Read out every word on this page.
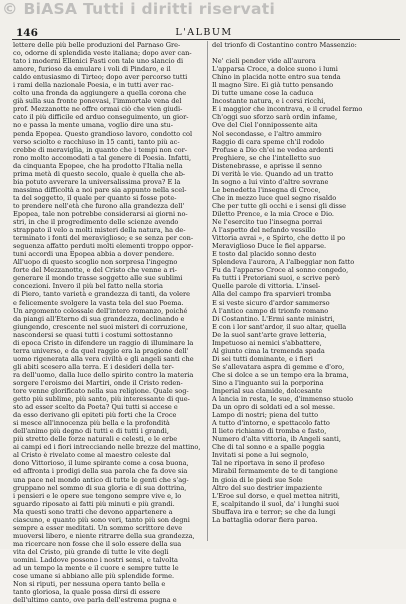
© BiASA Tutti i diritti riservati
146	L'ALBUM
lettere delle più belle produzioni del Parnaso Gre-
co, odorne di splendida veste italiana; dopo aver can-
tato i moderni Ellenici Fasti con tale uno slancio di
amore, furioso da emulare i voli di Pindaro, e il
caldo entusiasmo di Tirteo; dopo aver percorso tutti
i rami della nazionale Poesia, e in tutti aver rac-
colto una fronda da aggiungere a quella corona che
già sulla sua fronte ponevasi, l'immortale vena del
prof. Mezzanotte ne offre ormai ciò che vien giudi-
cato il più difficile ed arduo conseguimento, un gior-
no e passa la mente umana, voglio dire una stu-
penda Epopea. Questo grandioso lavoro, condotto col
verso sciolto e racchiuso in 15 canti, tanto più ac-
crebbe di meraviglia, in quanto che i tempi non cor-
rono molto accomodati a tal genere di Poesia. Infatti,
da cinquanta Epopee, che ha prodotto l'Italia nella
prima metà di questo secolo, quale è quella che ab-
bia potuto avverare la universalissima prova? E la
massima difficoltà a noi pare sia appunto nella scel-
ta del soggetto, il quale per quanto si fosse pote-
to prendere nell'età che furono alla grandezza dell'
Epopea, tale non potrebbe considerarsi ai giorni no-
stri, in che il progredimento delle scienze avendo
strappato il velo a molti misteri della natura, ha de-
terminato i fonti del meraviglioso; e se senza per con-
seguenza affatto perduti molti elementi troppo oppor-
tuni accordi una Epopea abbia a dover pendere.
All'uopo di questo scoglio non sorpresa l'ingegno
forte del Mezzanotte, e del Cristo che venne a ri-
generare il mondo trasse soggetto alle sue sublimi
concezioni. Invero il più bel fatto nella storia
di Piero, tanto varietà e grandezza di tanti, da volere
e felicemente svolgere la vasta tela del suo Poema.
Un argomento colossale dell'intero romanzo, poiché
da piangi all'Eterno di sua grandezza, declinando e
giungendo, crescente nel suoi misteri di corruzione,
nascondersi se quasi tutti i costumi sottostanno
di epoca Cristo in difendere un raggio di illuminare la
terra universo, e da quel raggio era la pragione dell'
uomo rigenerata alla vera civiltà e gli angeli santi che
gli abiti scesero alla terra. E i desideri della ter-
ra dell'uomo, dalla luce dello spirito contro la materia
sorgere l'eroismo dei Martiri, onde il Cristo reden-
tore venne glorificato nella sua religione. Quale sog-
getto più sublime, più santo, più interessante di que-
sto ad esser scelto da Poeta? Qui tutti si accese e
da esso derivano gli epiteti più forti che la Croce
si mesce all'innocenza più bella e la profondità
dell'animo più degno di tutti e di tutti i grandi,
più stretto delle forze naturali e celesti, e le erbe
ai campi ed i fiori intrecciando nelle brezze del mattino,
al Cristo è rivelato come al maestro celeste dal
dono Vittorioso, il lume spirante come a cosa buona,
ed affronta i prodigi della sua parola che fa dove sia
una pace nel mondo antico di tutte le genti che s'ag-
gruppano nel sommo di sua gloria e di sua dottrina,
i pensieri e le opere sue tengono sempre vive e, lo
sguardo riposato ai fatti più minuti e più grandi.
Ma questi sono tratti che devono appartenere a
ciascuno, e quanto più sono veri, tanto più son degni
sempre a esser meditati. Un sommo scrittore deve
muoversi libero, e niente ritrarre della sua grandezza,
ma ricercare non fosse che il solo essere della sua
vita del Cristo, più grande di tutte le vite degli
uomini. Laddove possono i nostri sensi, e talvolta
ad un tempo la mente e il cuore e sempre tutte le
cose umane si abbiano alle più splendide forme.
Non si riputi, per nessuna opera tanto bella e
tanto gloriosa, la quale possa dirsi di essere
dell'ultimo canto, ove parla dell'estrema pugna e
del trionfo di Costantino contro Massenzio:
Ne' cieli pender vide all'aurora
L'apparsa Croce, a dolce suono i lumi
Chino in placida notte entro sua tenda
Il magno Sire. Ei già tutto pensando
Di tutte umane cose la caduca
Incostante natura, e i corsi ricchi,
E i maggior che incontrava, e il crudel fermo
Ch'oggi suo sforzo sarà ordin infame,
Ove del Ciel l'onnipossente aita
Nol secondasse, e l'altro ammiro
Raggio di cara speme ch'il rodolo
Profuse a Dio ch'ei ne vedea ardenti
Preghiere, se che l'intelletto suo
Distenebrasse, e aprisse il senno
Di verità le vie. Quando ad un tratto
In sogno a lui vinto d'altre sovrane
Le benedetta l'insegna di Croce,
Che in mezzo luce quel segno risaldo
Che per tutte gli occhi e i sensi gli disse
Diletto Prence, e la mia Croce e Dio.
Ne l'esercito tuo l'insegna porrai
A l'aspetto del nefando vessillo
Vittoria avrai », e Spirto, che detto il po
Meraviglioso Duce le fiel apparse.
E tosto dal placido sonno desto
Splendeva l'aurora, A l'albeggiar non fatto
Fu da l'apparso Croce al sonno congedo,
Fa tutti i Pretoriani suoi, e scrive però
Quelle parole di vittoria. L'insel-
Alla del campo fra sparvieri tromba
E si veste sicuro d'ardor sammerso
A l'antico campo di trionfo romano
Di Costantino. L'Ermi sante ministri,
E con i lor sant'ardor, il suo altar, quella
De la suol sant'arte grave letteria,
Impetuoso ai nemici s'abbattere,
Al giunto cima la tremenda spada
Di sei tutti dominante, e i fieri
Se s'allevatara aspra di gemme e d'oro,
Che si dolce a se un tempo era la brama,
Sino a l'inguanto sui la porporina
Imperial sua clamide, dolcesante
A lancia in resta, le sue, d'immenso stuolo
Da un opro di soldati ed a sol messe.
Lampo di nostri; piena del tutto
A tutto d'intorno, e spettacolo fatto
Il lieto richiamo di tromba e fasto,
Numero d'alta vittoria, ib Angeli santi,
Che di tal sonno e a spalle poggia
Invitati si pone a lui segnolo,
Tal ne riportava in seno il profeso
Mirabil fermamente de te di tangione
In gioia di le piedi sue Sole
Altro del suo destrier impaziente
L'Eroe sul dorso, e quel mettea nitriti,
E, scalpitando il suol, da' i lunghi suoi
Sbuffava ira e terror; se che da lungi
La battaglia odorar fiera parea.
